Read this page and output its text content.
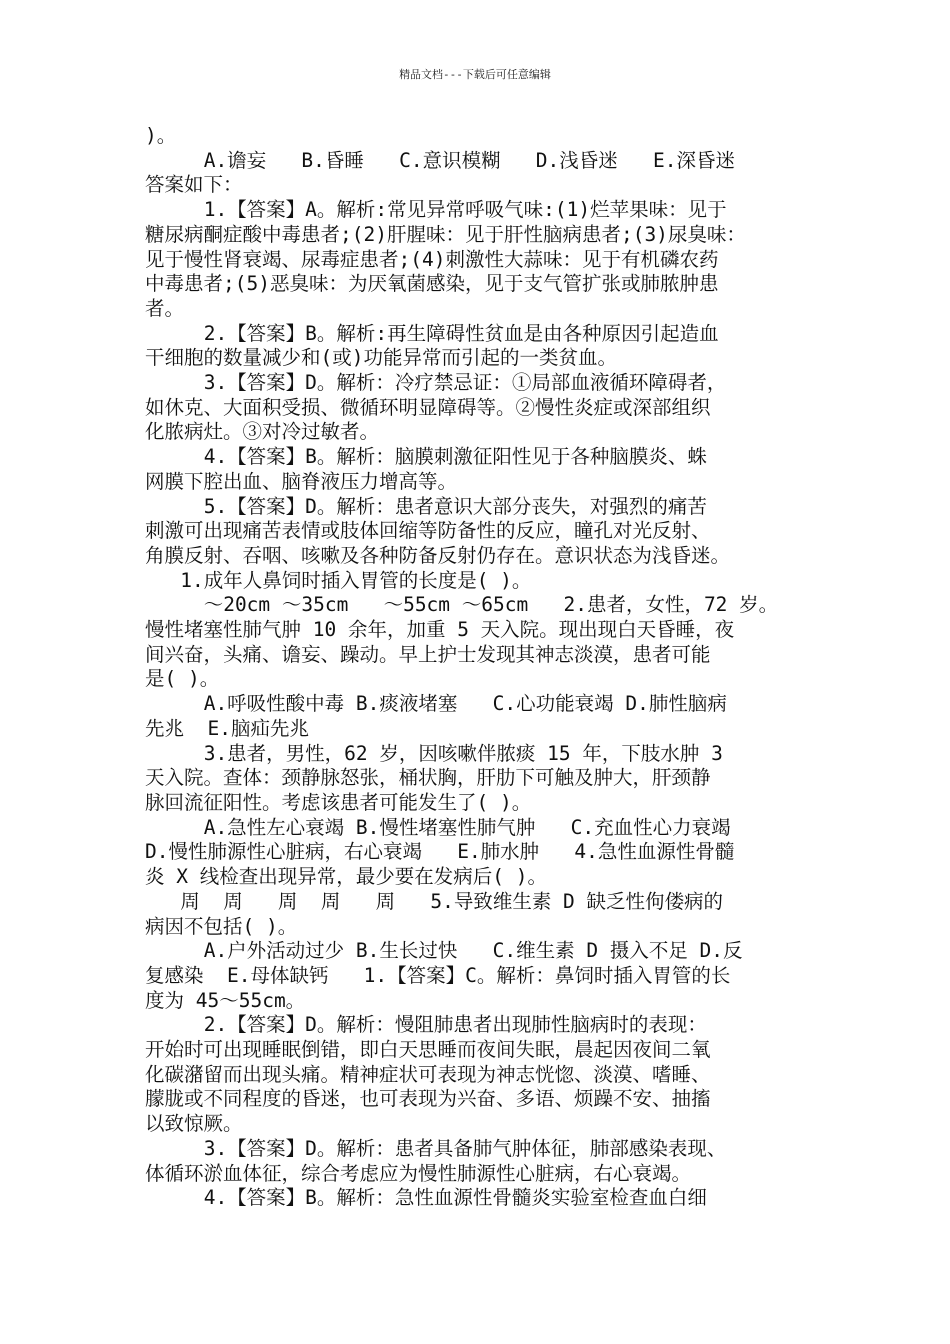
精品文档---下载后可任意编辑
)。
A.谵妄   B.昏睡   C.意识模糊   D.浅昏迷   E.深昏迷
答案如下：
1.【答案】A。解析:常见异常呼吸气味:(1)烂苹果味：见于
糖尿病酮症酸中毒患者;(2)肝腥味：见于肝性脑病患者;(3)尿臭味：
见于慢性肾衰竭、尿毒症患者;(4)刺激性大蒜味：见于有机磷农药
中毒患者;(5)恶臭味：为厌氧菌感染，见于支气管扩张或肺脓肿患
者。
2.【答案】B。解析:再生障碍性贫血是由各种原因引起造血
干细胞的数量减少和(或)功能异常而引起的一类贫血。
3.【答案】D。解析：冷疗禁忌证：①局部血液循环障碍者，
如休克、大面积受损、微循环明显障碍等。②慢性炎症或深部组织
化脓病灶。③对冷过敏者。
4.【答案】B。解析：脑膜刺激征阳性见于各种脑膜炎、蛛
网膜下腔出血、脑脊液压力增高等。
5.【答案】D。解析：患者意识大部分丧失，对强烈的痛苦
刺激可出现痛苦表情或肢体回缩等防备性的反应，瞳孔对光反射、
角膜反射、吞咽、咳嗽及各种防备反射仍存在。意识状态为浅昏迷。
1.成年人鼻饲时插入胃管的长度是( )。
～20cm ～35cm   ～55cm ～65cm   2.患者，女性，72 岁。
慢性堵塞性肺气肿 10 余年，加重 5 天入院。现出现白天昏睡，夜
间兴奋，头痛、谵妄、躁动。早上护士发现其神志淡漠，患者可能
是( )。
A.呼吸性酸中毒 B.痰液堵塞   C.心功能衰竭 D.肺性脑病
先兆  E.脑疝先兆
3.患者，男性，62 岁，因咳嗽伴脓痰 15 年，下肢水肿 3
天入院。查体：颈静脉怒张，桶状胸，肝肋下可触及肿大，肝颈静
脉回流征阳性。考虑该患者可能发生了( )。
A.急性左心衰竭 B.慢性堵塞性肺气肿   C.充血性心力衰竭
D.慢性肺源性心脏病，右心衰竭   E.肺水肿   4.急性血源性骨髓
炎 X 线检查出现异常，最少要在发病后( )。
周  周   周  周   周   5.导致维生素 D 缺乏性佝偻病的
病因不包括( )。
A.户外活动过少 B.生长过快   C.维生素 D 摄入不足 D.反
复感染  E.母体缺钙   1.【答案】C。解析：鼻饲时插入胃管的长
度为 45～55cm。
2.【答案】D。解析：慢阻肺患者出现肺性脑病时的表现：
开始时可出现睡眠倒错，即白天思睡而夜间失眠，晨起因夜间二氧
化碳潴留而出现头痛。精神症状可表现为神志恍惚、淡漠、嗜睡、
朦胧或不同程度的昏迷，也可表现为兴奋、多语、烦躁不安、抽搐
以致惊厥。
3.【答案】D。解析：患者具备肺气肿体征，肺部感染表现、
体循环淤血体征，综合考虑应为慢性肺源性心脏病，右心衰竭。
4.【答案】B。解析：急性血源性骨髓炎实验室检查血白细
